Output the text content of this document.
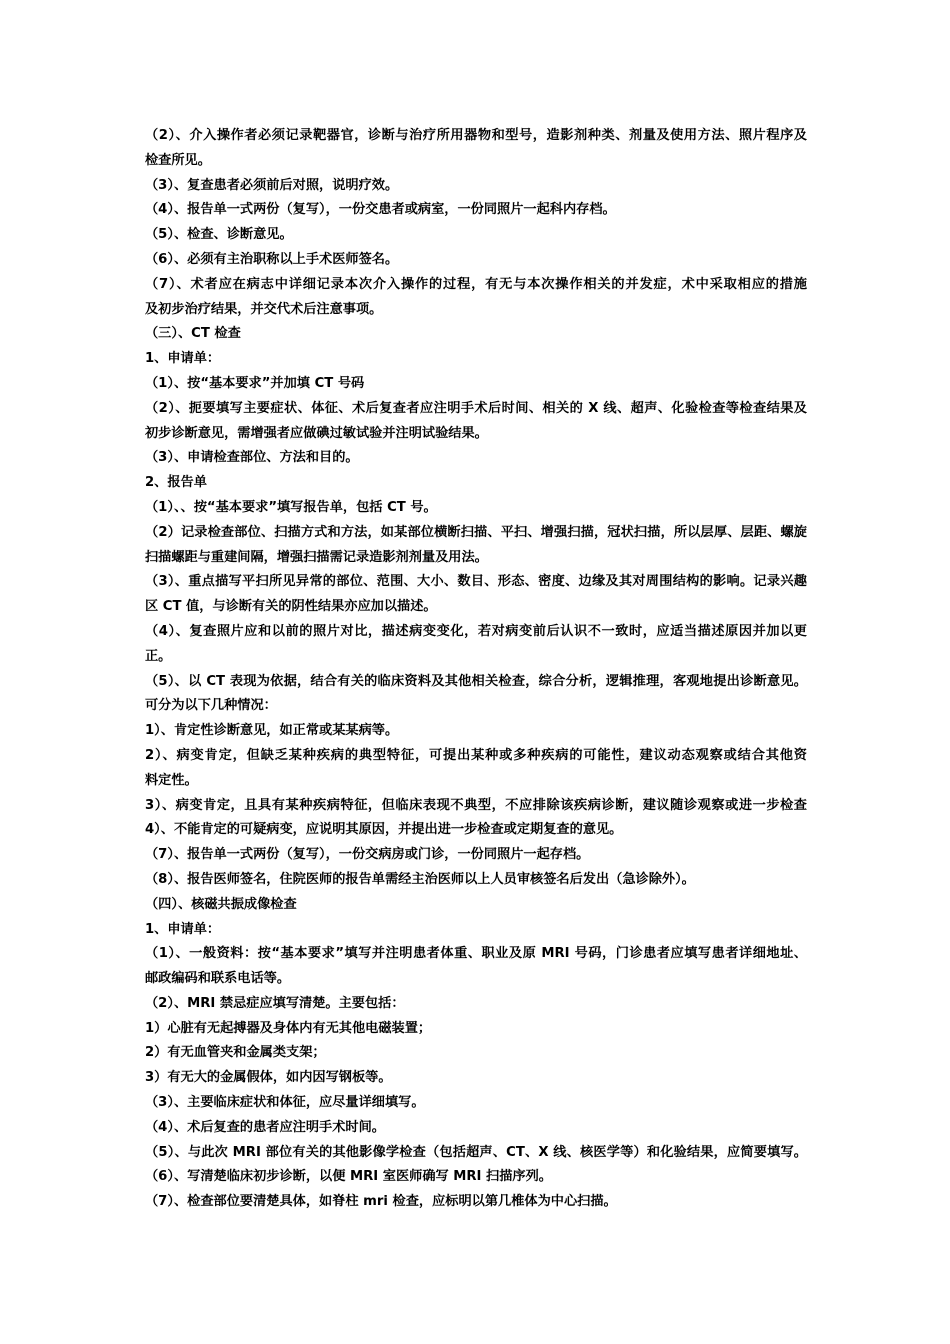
（2）、介入操作者必须记录靶器官，诊断与治疗所用器物和型号，造影剂种类、剂量及使用方法、照片程序及
检查所见。
（3）、复查患者必须前后对照，说明疗效。
（4）、报告单一式两份（复写），一份交患者或病室，一份同照片一起科内存档。
（5）、检查、诊断意见。
（6）、必须有主治职称以上手术医师签名。
（7）、术者应在病志中详细记录本次介入操作的过程，有无与本次操作相关的并发症，术中采取相应的措施
及初步治疗结果，并交代术后注意事项。
（三）、CT 检查
1、申请单：
（1）、按“基本要求”并加填 CT 号码
（2）、扼要填写主要症状、体征、术后复查者应注明手术后时间、相关的 X 线、超声、化验检查等检查结果及
初步诊断意见，需增强者应做碘过敏试验并注明试验结果。
（3）、申请检查部位、方法和目的。
2、报告单
（1）、、按“基本要求”填写报告单，包括 CT 号。
（2）记录检查部位、扫描方式和方法，如某部位横断扫描、平扫、增强扫描，冠状扫描，所以层厚、层距、螺旋
扫描螺距与重建间隔，增强扫描需记录造影剂剂量及用法。
（3）、重点描写平扫所见异常的部位、范围、大小、数目、形态、密度、边缘及其对周围结构的影响。记录兴趣
区 CT 值，与诊断有关的阴性结果亦应加以描述。
（4）、复查照片应和以前的照片对比，描述病变变化，若对病变前后认识不一致时，应适当描述原因并加以更
正。
（5）、以 CT 表现为依据，结合有关的临床资料及其他相关检查，综合分析，逻辑推理，客观地提出诊断意见。
可分为以下几种情况：
1）、肯定性诊断意见，如正常或某某病等。
2）、病变肯定，但缺乏某种疾病的典型特征，可提出某种或多种疾病的可能性，建议动态观察或结合其他资
料定性。
3）、病变肯定，且具有某种疾病特征，但临床表现不典型，不应排除该疾病诊断，建议随诊观察或进一步检查
4）、不能肯定的可疑病变，应说明其原因，并提出进一步检查或定期复查的意见。
（7）、报告单一式两份（复写），一份交病房或门诊，一份同照片一起存档。
（8）、报告医师签名，住院医师的报告单需经主治医师以上人员审核签名后发出（急诊除外）。
（四）、核磁共振成像检查
1、申请单：
（1）、一般资料：按“基本要求”填写并注明患者体重、职业及原 MRI 号码，门诊患者应填写患者详细地址、
邮政编码和联系电话等。
（2）、MRI 禁忌症应填写清楚。主要包括：
1）心脏有无起搏器及身体内有无其他电磁装置；
2）有无血管夹和金属类支架；
3）有无大的金属假体，如内因写钢板等。
（3）、主要临床症状和体征，应尽量详细填写。
（4）、术后复查的患者应注明手术时间。
（5）、与此次 MRI 部位有关的其他影像学检查（包括超声、CT、X 线、核医学等）和化验结果，应简要填写。
（6）、写清楚临床初步诊断，以便 MRI 室医师确写 MRI 扫描序列。
（7）、检查部位要清楚具体，如脊柱 mri 检查，应标明以第几椎体为中心扫描。
